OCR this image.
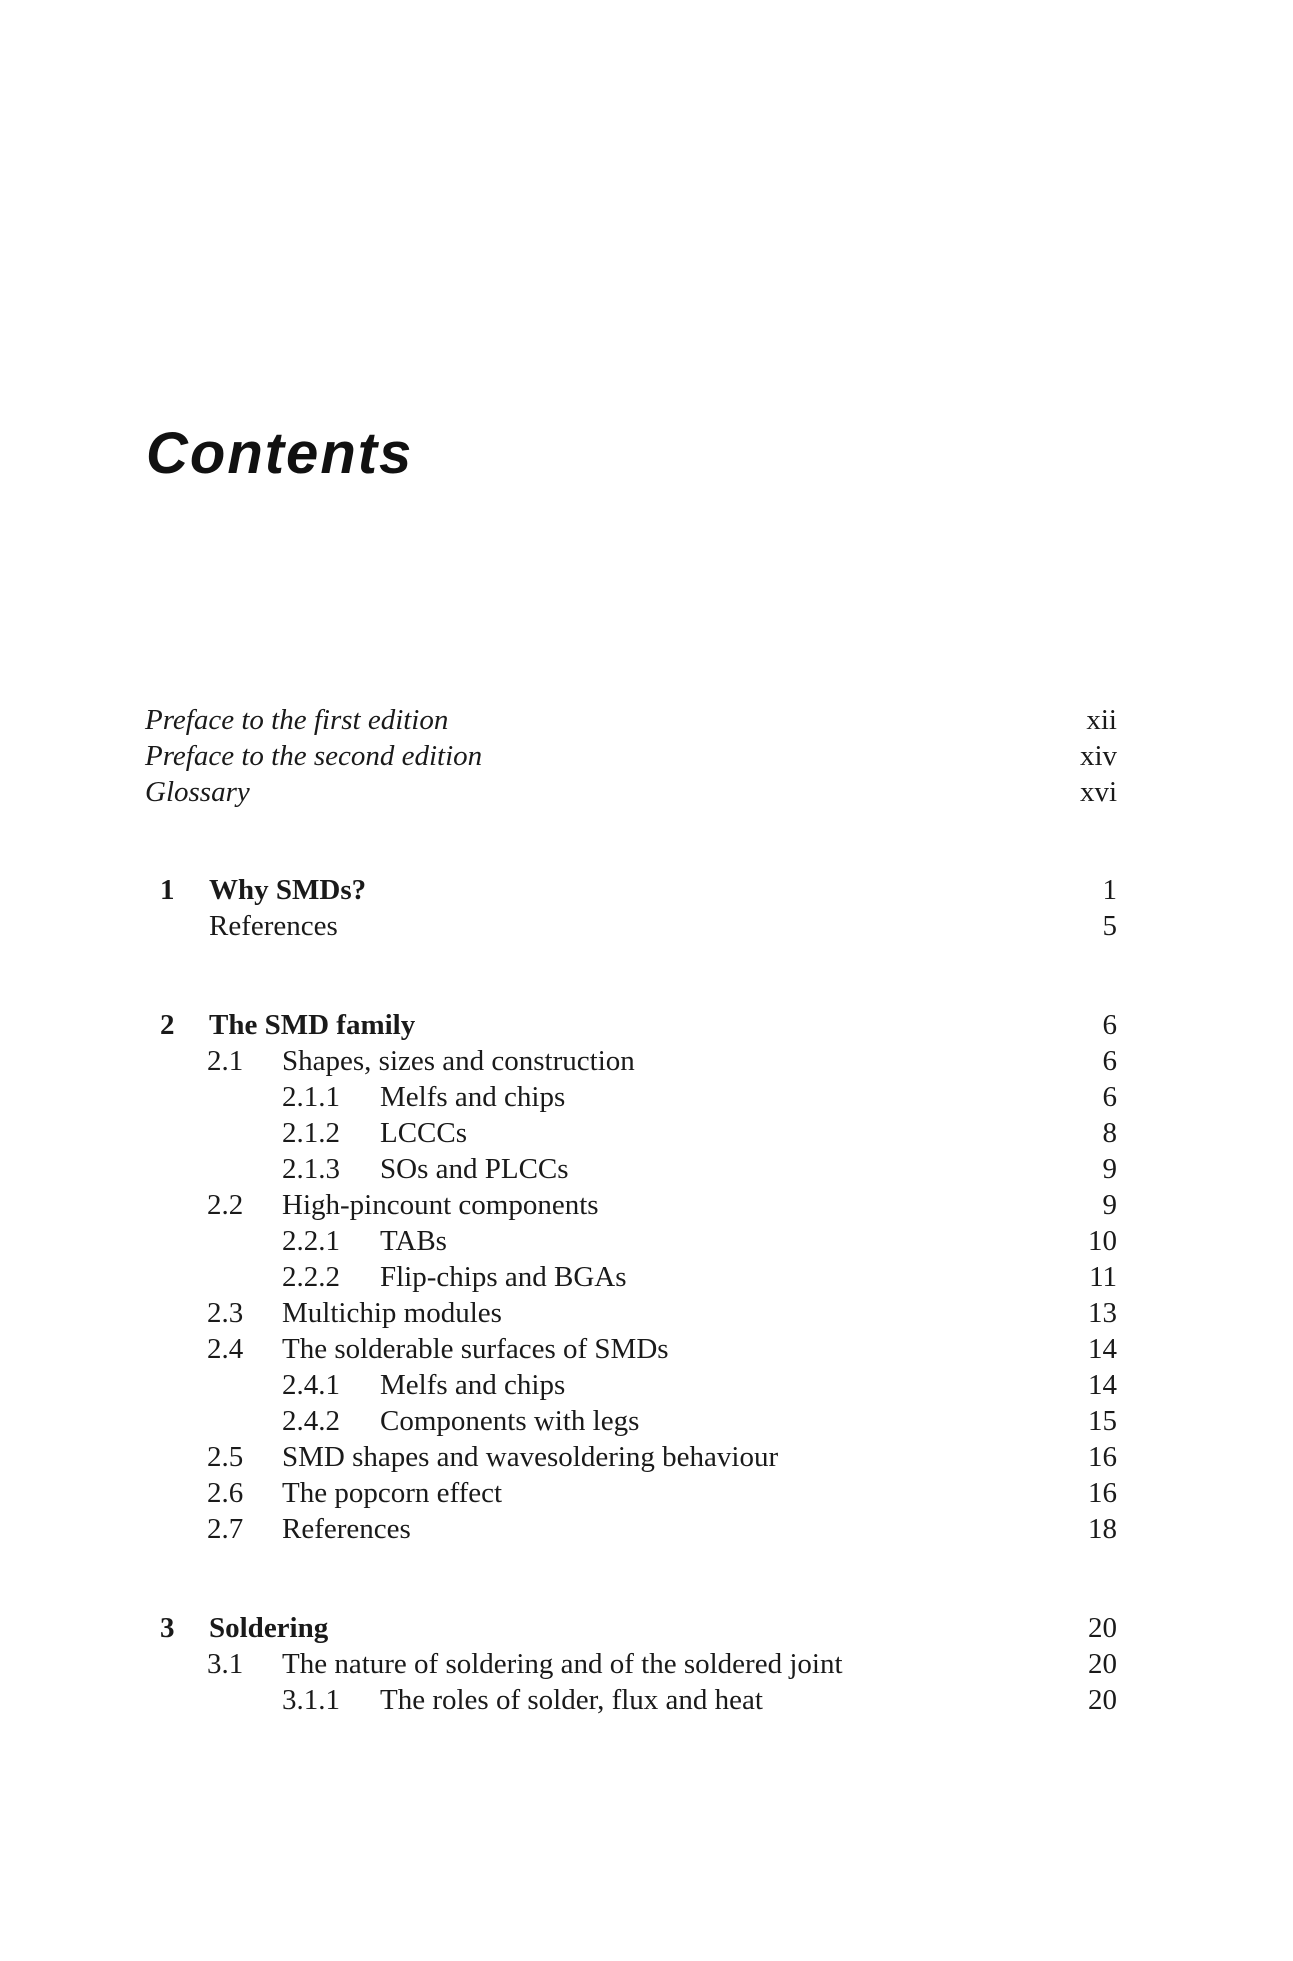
Contents
Preface to the first edition	xii
Preface to the second edition	xiv
Glossary	xvi
1 Why SMDs?	1
References	5
2 The SMD family	6
2.1 Shapes, sizes and construction	6
2.1.1 Melfs and chips	6
2.1.2 LCCCs	8
2.1.3 SOs and PLCCs	9
2.2 High-pincount components	9
2.2.1 TABs	10
2.2.2 Flip-chips and BGAs	11
2.3 Multichip modules	13
2.4 The solderable surfaces of SMDs	14
2.4.1 Melfs and chips	14
2.4.2 Components with legs	15
2.5 SMD shapes and wavesoldering behaviour	16
2.6 The popcorn effect	16
2.7 References	18
3 Soldering	20
3.1 The nature of soldering and of the soldered joint	20
3.1.1 The roles of solder, flux and heat	20
